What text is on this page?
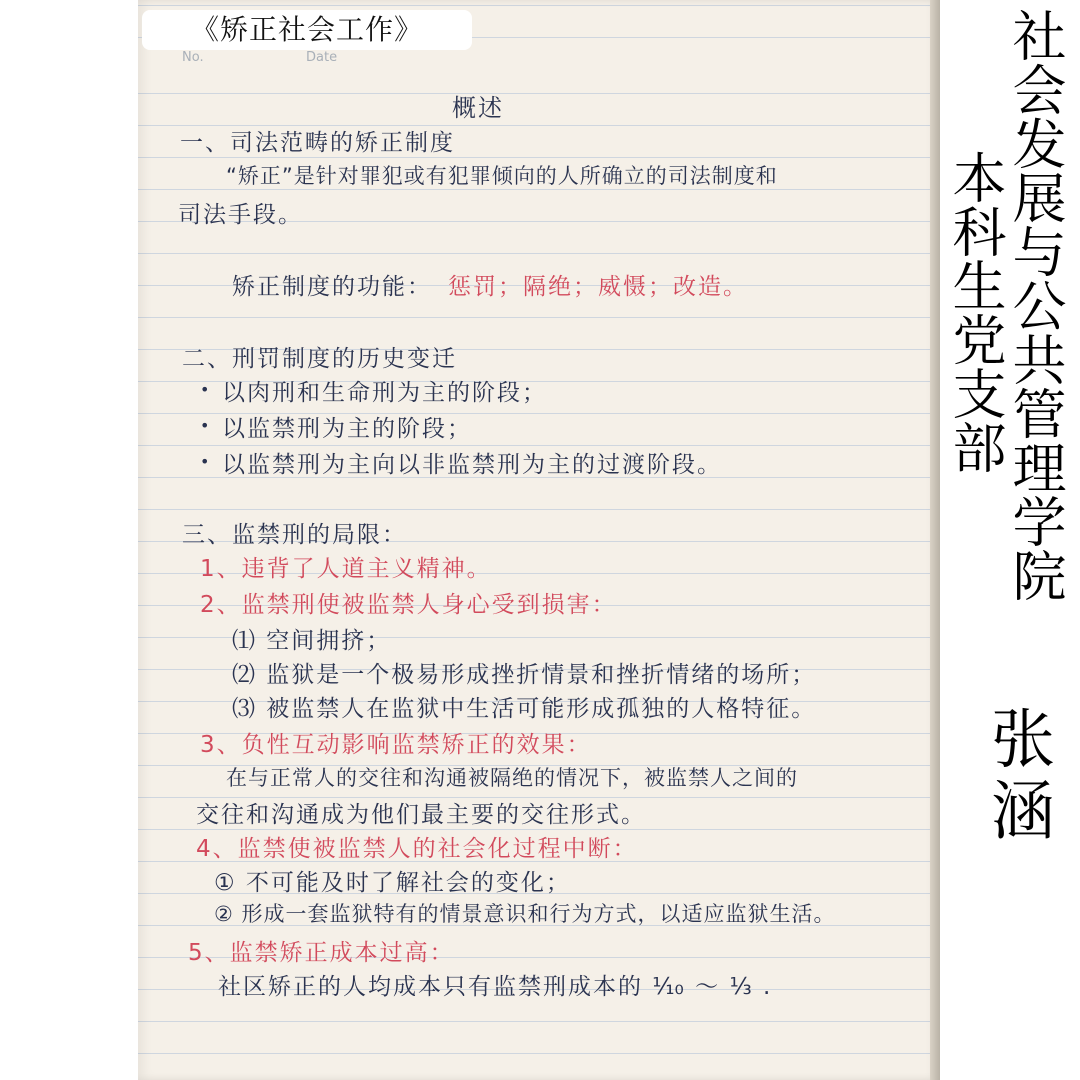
《矫正社会工作》
No.	Date
概述
一、司法范畴的矫正制度
“矫正”是针对罪犯或有犯罪倾向的人所确立的司法制度和
司法手段。
矫正制度的功能： 惩罚；隔绝；威慑；改造。
二、刑罚制度的历史变迁
• 以肉刑和生命刑为主的阶段；
• 以监禁刑为主的阶段；
• 以监禁刑为主向以非监禁刑为主的过渡阶段。
三、监禁刑的局限：
1、违背了人道主义精神。
2、监禁刑使被监禁人身心受到损害：
⑴ 空间拥挤；
⑵ 监狱是一个极易形成挫折情景和挫折情绪的场所；
⑶ 被监禁人在监狱中生活可能形成孤独的人格特征。
3、负性互动影响监禁矫正的效果：
在与正常人的交往和沟通被隔绝的情况下，被监禁人之间的
交往和沟通成为他们最主要的交往形式。
4、监禁使被监禁人的社会化过程中断：
① 不可能及时了解社会的变化；
② 形成一套监狱特有的情景意识和行为方式，以适应监狱生活。
5、监禁矫正成本过高：
社区矫正的人均成本只有监禁刑成本的 ⅒ ～ ⅓ .
社会发展与公共管理学院
本科生党支部
张涵
